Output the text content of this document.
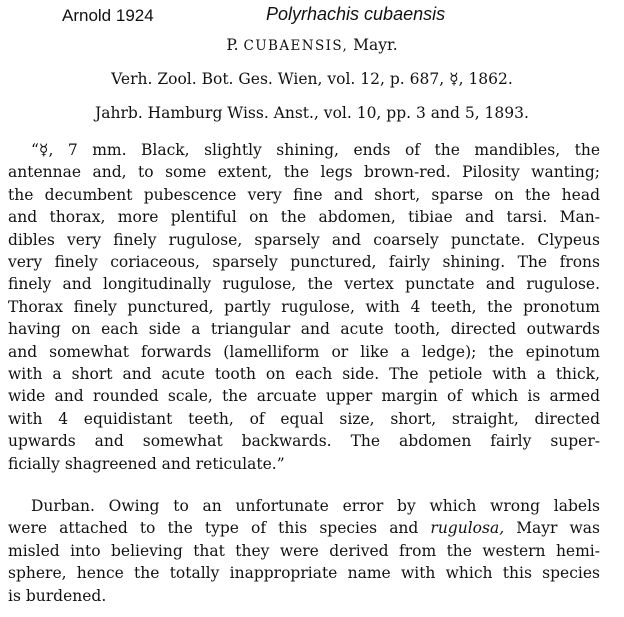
Arnold 1924	Polyrhachis cubaensis
P. CUBAENSIS, Mayr.
Verh. Zool. Bot. Ges. Wien, vol. 12, p. 687, ☿, 1862.
Jahrb. Hamburg Wiss. Anst., vol. 10, pp. 3 and 5, 1893.
“☿, 7 mm. Black, slightly shining, ends of the mandibles, the
antennae and, to some extent, the legs brown-red. Pilosity wanting;
the decumbent pubescence very fine and short, sparse on the head
and thorax, more plentiful on the abdomen, tibiae and tarsi. Man-
dibles very finely rugulose, sparsely and coarsely punctate. Clypeus
very finely coriaceous, sparsely punctured, fairly shining. The frons
finely and longitudinally rugulose, the vertex punctate and rugulose.
Thorax finely punctured, partly rugulose, with 4 teeth, the pronotum
having on each side a triangular and acute tooth, directed outwards
and somewhat forwards (lamelliform or like a ledge); the epinotum
with a short and acute tooth on each side. The petiole with a thick,
wide and rounded scale, the arcuate upper margin of which is armed
with 4 equidistant teeth, of equal size, short, straight, directed
upwards and somewhat backwards. The abdomen fairly super-
ficially shagreened and reticulate.”
Durban. Owing to an unfortunate error by which wrong labels
were attached to the type of this species and rugulosa, Mayr was
misled into believing that they were derived from the western hemi-
sphere, hence the totally inappropriate name with which this species
is burdened.
